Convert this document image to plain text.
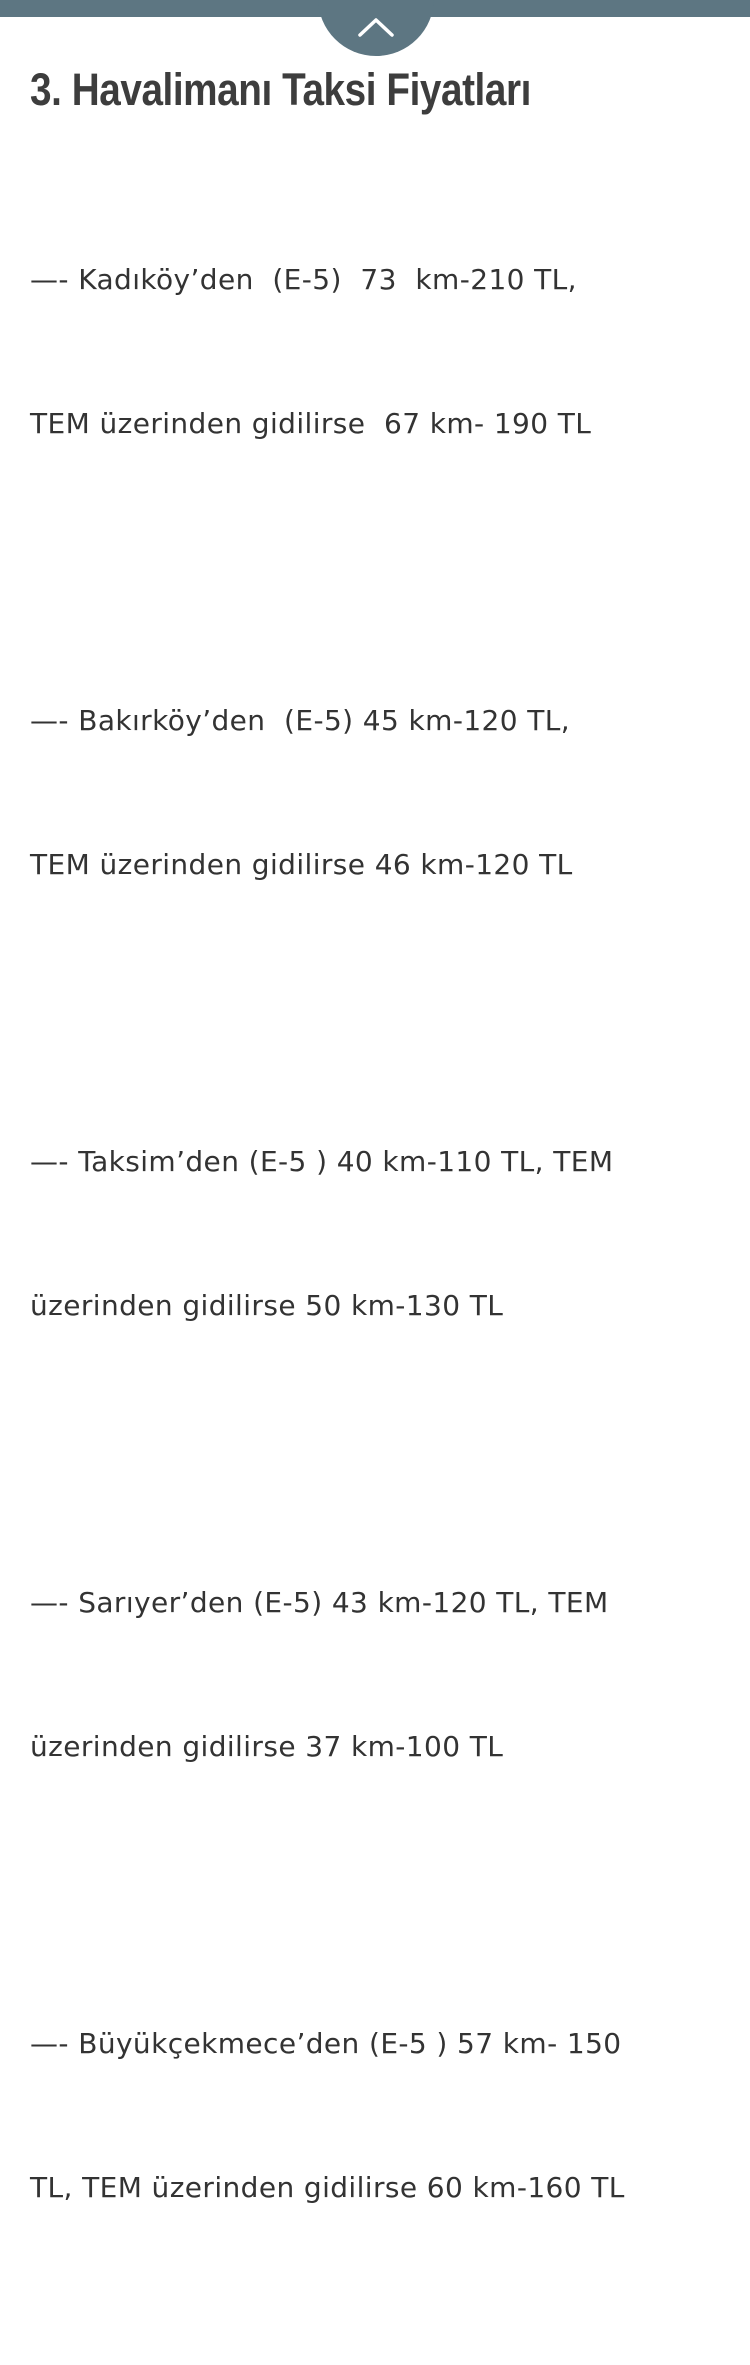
3. Havalimanı Taksi Fiyatları

—- Kadıköy’den  (E-5)  73  km-210 TL,

TEM üzerinden gidilirse  67 km- 190 TL

—- Bakırköy’den  (E-5) 45 km-120 TL,

TEM üzerinden gidilirse 46 km-120 TL

—- Taksim’den (E-5 ) 40 km-110 TL, TEM

üzerinden gidilirse 50 km-130 TL

—- Sarıyer’den (E-5) 43 km-120 TL, TEM

üzerinden gidilirse 37 km-100 TL

—- Büyükçekmece’den (E-5 ) 57 km- 150

TL, TEM üzerinden gidilirse 60 km-160 TL
